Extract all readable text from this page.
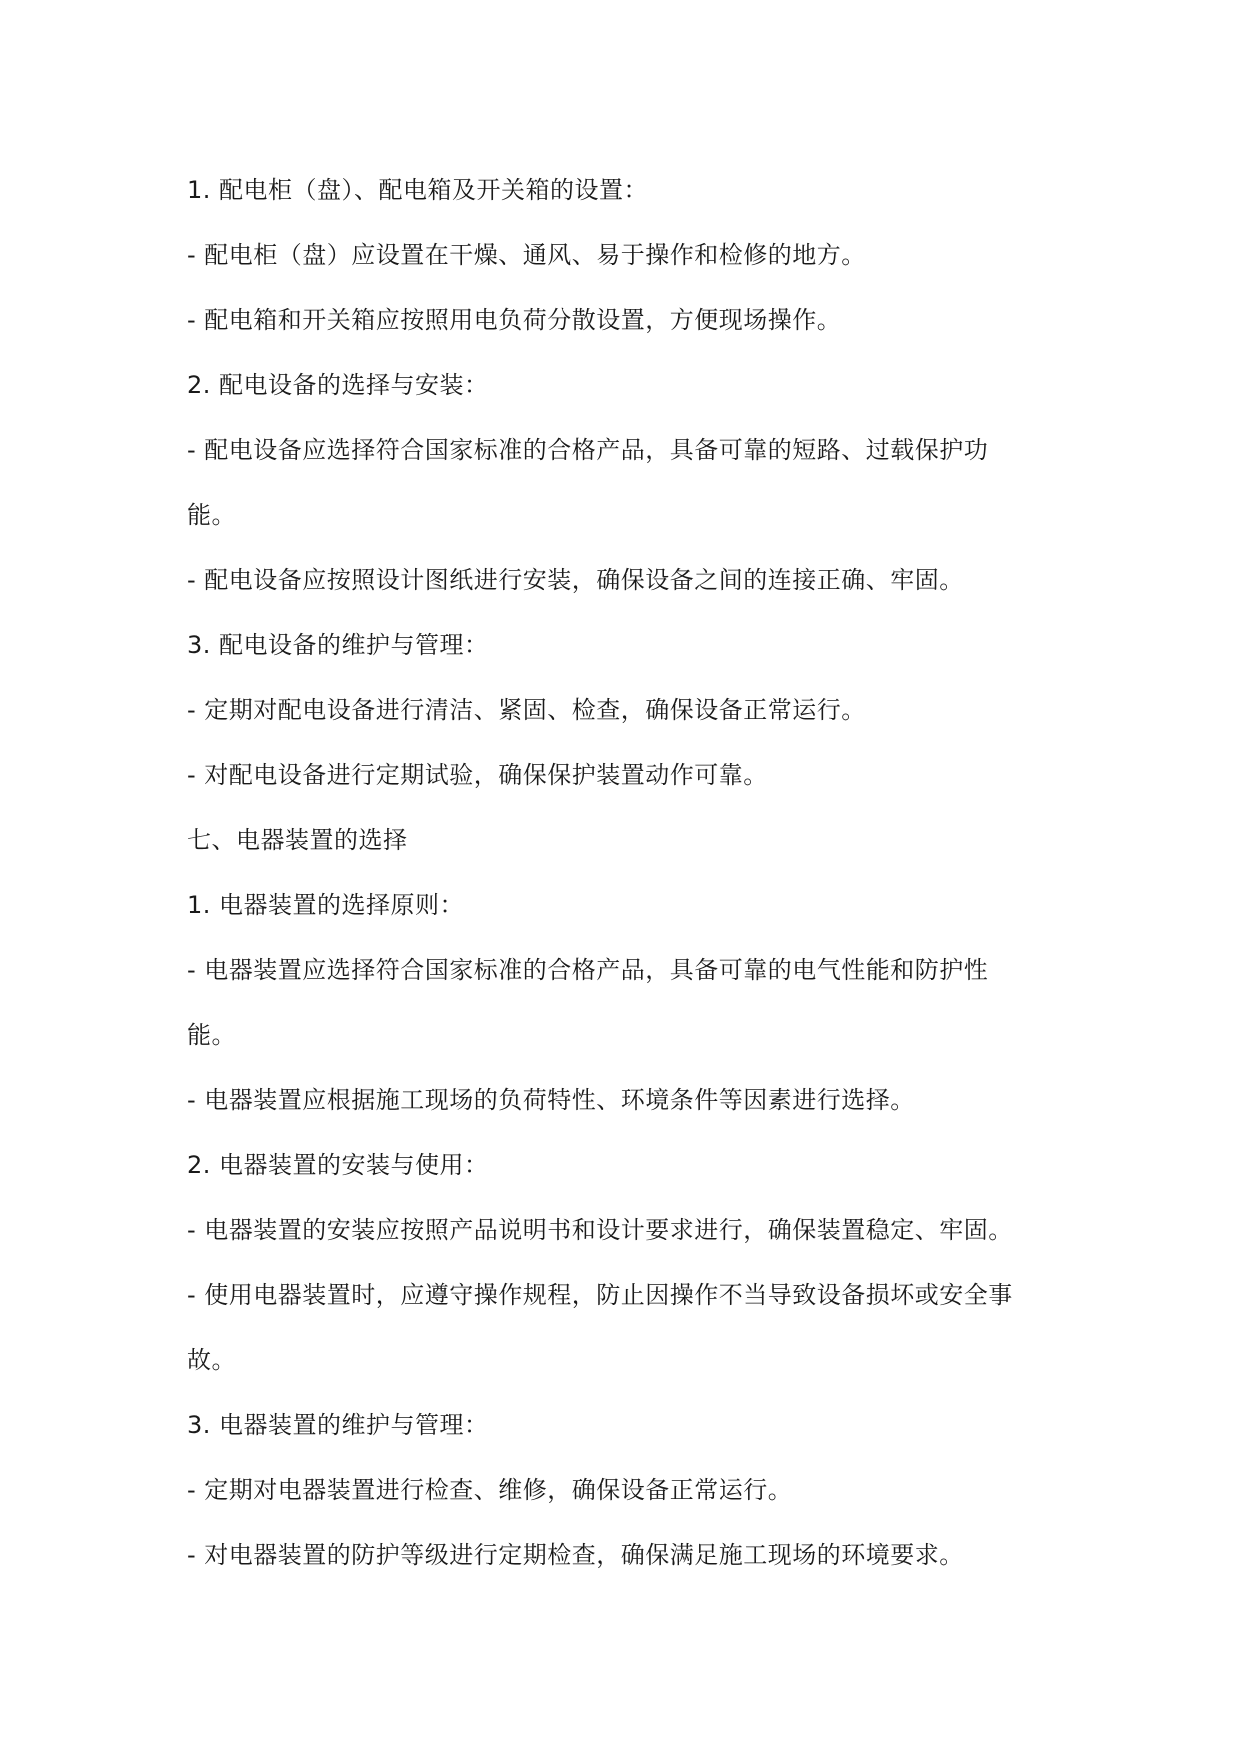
1. 配电柜（盘）、配电箱及开关箱的设置：
- 配电柜（盘）应设置在干燥、通风、易于操作和检修的地方。
- 配电箱和开关箱应按照用电负荷分散设置，方便现场操作。
2. 配电设备的选择与安装：
- 配电设备应选择符合国家标准的合格产品，具备可靠的短路、过载保护功
能。
- 配电设备应按照设计图纸进行安装，确保设备之间的连接正确、牢固。
3. 配电设备的维护与管理：
- 定期对配电设备进行清洁、紧固、检查，确保设备正常运行。
- 对配电设备进行定期试验，确保保护装置动作可靠。
七、电器装置的选择
1. 电器装置的选择原则：
- 电器装置应选择符合国家标准的合格产品，具备可靠的电气性能和防护性
能。
- 电器装置应根据施工现场的负荷特性、环境条件等因素进行选择。
2. 电器装置的安装与使用：
- 电器装置的安装应按照产品说明书和设计要求进行，确保装置稳定、牢固。
- 使用电器装置时，应遵守操作规程，防止因操作不当导致设备损坏或安全事
故。
3. 电器装置的维护与管理：
- 定期对电器装置进行检查、维修，确保设备正常运行。
- 对电器装置的防护等级进行定期检查，确保满足施工现场的环境要求。
